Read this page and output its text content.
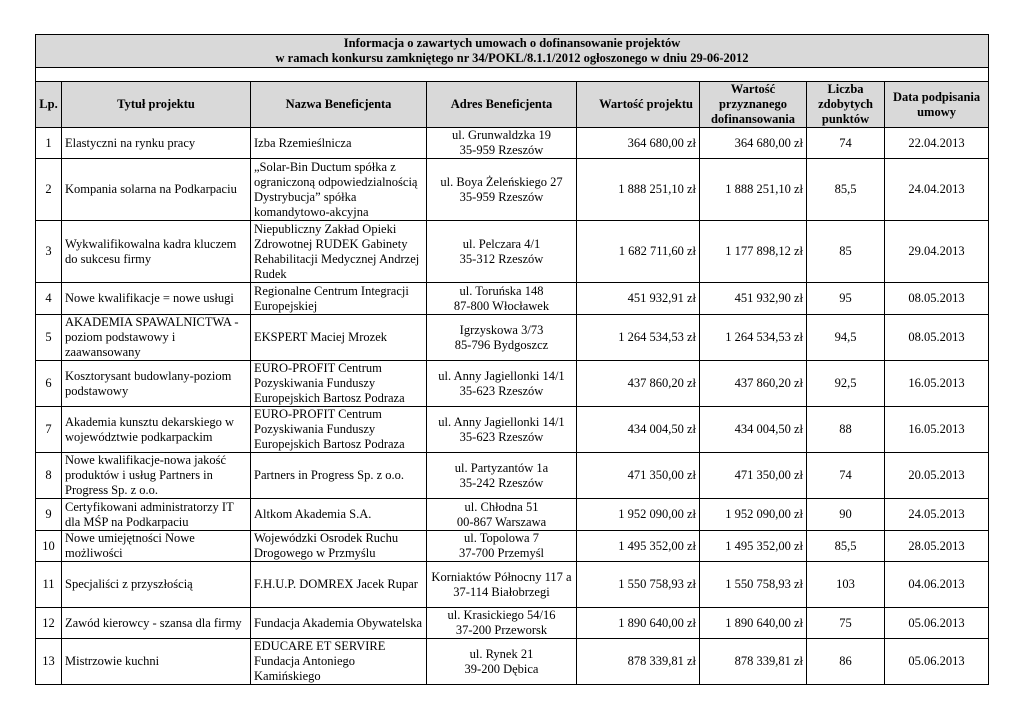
Informacja o zawartych umowach o dofinansowanie projektów
w ramach konkursu zamkniętego nr 34/POKL/8.1.1/2012 ogłoszonego w dniu 29-06-2012							

Lp.	Tytuł projektu	Nazwa Beneficjenta	Adres Beneficjenta	Wartość projektu	Wartość przyznanego dofinansowania	Liczba zdobytych punktów	Data podpisania umowy
1	Elastyczni na rynku pracy	Izba Rzemieślnicza	ul. Grunwaldzka 19
35-959 Rzeszów	364 680,00 zł	364 680,00 zł	74	22.04.2013
2	Kompania solarna na Podkarpaciu	„Solar-Bin Ductum spółka z ograniczoną odpowiedzialnością Dystrybucja” spółka komandytowo-akcyjna	ul. Boya Żeleńskiego 27
35-959 Rzeszów	1 888 251,10 zł	1 888 251,10 zł	85,5	24.04.2013
3	Wykwalifikowalna kadra kluczem do sukcesu firmy	Niepubliczny Zakład Opieki Zdrowotnej RUDEK Gabinety Rehabilitacji Medycznej Andrzej Rudek	ul. Pelczara 4/1
35-312 Rzeszów	1 682 711,60 zł	1 177 898,12 zł	85	29.04.2013
4	Nowe kwalifikacje = nowe usługi	Regionalne Centrum Integracji Europejskiej	ul. Toruńska 148
87-800 Włocławek	451 932,91 zł	451 932,90 zł	95	08.05.2013
5	AKADEMIA SPAWALNICTWA - poziom podstawowy i zaawansowany	EKSPERT Maciej Mrozek	Igrzyskowa 3/73
85-796 Bydgoszcz	1 264 534,53 zł	1 264 534,53 zł	94,5	08.05.2013
6	Kosztorysant budowlany-poziom podstawowy	EURO-PROFIT Centrum Pozyskiwania Funduszy Europejskich Bartosz Podraza	ul. Anny Jagiellonki 14/1
35-623 Rzeszów	437 860,20 zł	437 860,20 zł	92,5	16.05.2013
7	Akademia kunsztu dekarskiego w województwie podkarpackim	EURO-PROFIT Centrum Pozyskiwania Funduszy Europejskich Bartosz Podraza	ul. Anny Jagiellonki 14/1
35-623 Rzeszów	434 004,50 zł	434 004,50 zł	88	16.05.2013
8	Nowe kwalifikacje-nowa jakość produktów i usług Partners in Progress Sp. z o.o.	Partners in Progress Sp. z o.o.	ul. Partyzantów 1a
35-242 Rzeszów	471 350,00 zł	471 350,00 zł	74	20.05.2013
9	Certyfikowani administratorzy IT dla MŚP na Podkarpaciu	Altkom Akademia S.A.	ul. Chłodna 51
00-867 Warszawa	1 952 090,00 zł	1 952 090,00 zł	90	24.05.2013
10	Nowe umiejętności Nowe możliwości	Wojewódzki Osrodek Ruchu Drogowego w Przmyślu	ul. Topolowa 7
37-700 Przemyśl	1 495 352,00 zł	1 495 352,00 zł	85,5	28.05.2013
11	Specjaliści z przyszłością	F.H.U.P. DOMREX Jacek Rupar	Korniaktów Północny 117 a
37-114 Białobrzegi	1 550 758,93 zł	1 550 758,93 zł	103	04.06.2013
12	Zawód kierowcy - szansa dla firmy	Fundacja Akademia Obywatelska	ul. Krasickiego 54/16
37-200 Przeworsk	1 890 640,00 zł	1 890 640,00 zł	75	05.06.2013
13	Mistrzowie kuchni	EDUCARE ET SERVIRE Fundacja Antoniego Kamińskiego	ul. Rynek 21
39-200 Dębica	878 339,81 zł	878 339,81 zł	86	05.06.2013
